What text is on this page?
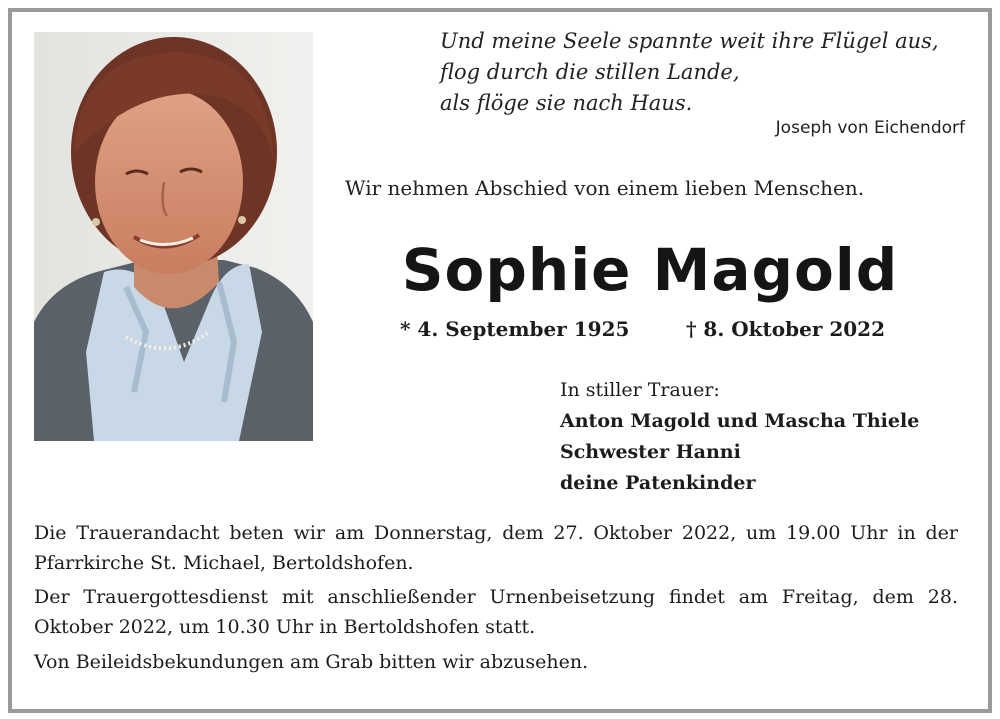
Und meine Seele spannte weit ihre Flügel aus,
flog durch die stillen Lande,
als flöge sie nach Haus.
Joseph von Eichendorf
Wir nehmen Abschied von einem lieben Menschen.
Sophie Magold
* 4. September 1925	† 8. Oktober 2022
In stiller Trauer:
Anton Magold und Mascha Thiele
Schwester Hanni
deine Patenkinder

Die Trauerandacht beten wir am Donnerstag, dem 27. Oktober 2022, um 19.00 Uhr in der Pfarrkirche St. Michael, Bertoldshofen.

Der Trauergottesdienst mit anschließender Urnenbeisetzung findet am Freitag, dem 28. Oktober 2022, um 10.30 Uhr in Bertoldshofen statt.

Von Beileidsbekundungen am Grab bitten wir abzusehen.
